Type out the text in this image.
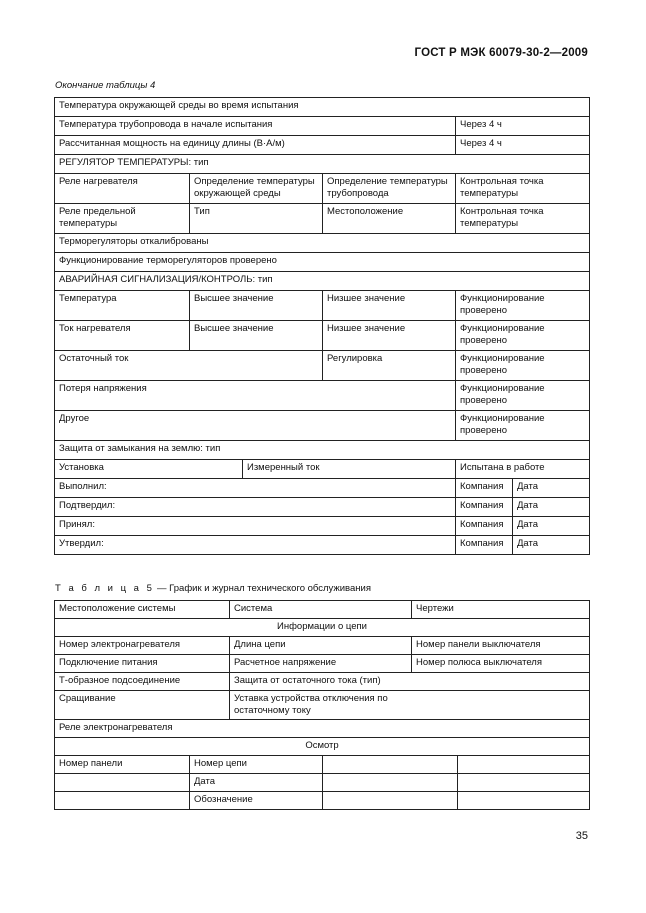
ГОСТ Р МЭК 60079-30-2—2009
Окончание таблицы 4
Температура окружающей среды во время испытания					
Температура трубопровода в начале испытания				Через 4 ч	
Рассчитанная мощность на единицу длины (В·А/м)				Через 4 ч	
РЕГУЛЯТОР ТЕМПЕРАТУРЫ: тип					
Реле нагревателя	Определение температуры окружающей среды		Определение температуры трубопровода	Контрольная точка температуры	
Реле предельной температуры	Тип		Местоположение	Контрольная точка температуры	
Терморегуляторы откалиброваны					
Функционирование терморегуляторов проверено					
АВАРИЙНАЯ СИГНАЛИЗАЦИЯ/КОНТРОЛЬ: тип					
Температура	Высшее значение		Низшее значение	Функционирование проверено	
Ток нагревателя	Высшее значение		Низшее значение	Функционирование проверено	
Остаточный ток			Регулировка	Функционирование проверено	
Потеря напряжения				Функционирование проверено	
Другое				Функционирование проверено	
Защита от замыкания на землю: тип					
Установка		Измеренный ток		Испытана в работе	
Выполнил:				Компания	Дата
Подтвердил:				Компания	Дата
Принял:				Компания	Дата
Утвердил:				Компания	Дата
Т а б л и ц а 5 — График и журнал технического обслуживания
Местоположение системы		Система		Чертежи	
Информации о цепи					
Номер электронагревателя		Длина цепи		Номер панели выключателя	
Подключение питания		Расчетное напряжение		Номер полюса выключателя	
Т-образное подсоединение		Защита от остаточного тока (тип)			
Сращивание		Уставка устройства отключения по остаточному току			

Реле электронагревателя					
Осмотр					
Номер панели	Номер цепи				
	Дата				
	Обозначение				
35
